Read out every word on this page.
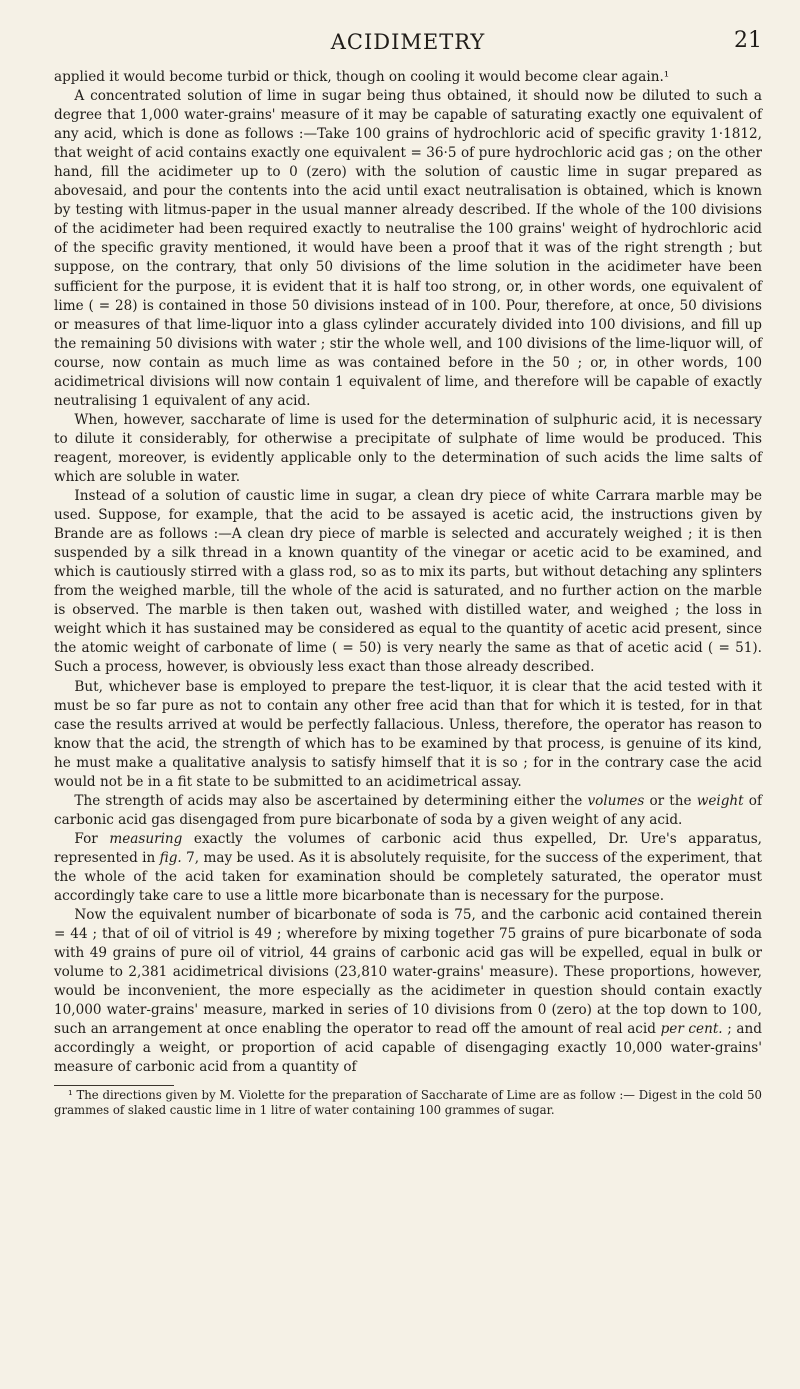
ACIDIMETRY	21

applied it would become turbid or thick, though on cooling it would become clear again.¹

A concentrated solution of lime in sugar being thus obtained, it should now be diluted to such a degree that 1,000 water-grains' measure of it may be capable of saturating exactly one equivalent of any acid, which is done as follows :—Take 100 grains of hydrochloric acid of specific gravity 1·1812, that weight of acid contains exactly one equivalent = 36·5 of pure hydrochloric acid gas ; on the other hand, fill the acidimeter up to 0 (zero) with the solution of caustic lime in sugar prepared as abovesaid, and pour the contents into the acid until exact neutralisation is obtained, which is known by testing with litmus-paper in the usual manner already described. If the whole of the 100 divisions of the acidimeter had been required exactly to neutralise the 100 grains' weight of hydrochloric acid of the specific gravity mentioned, it would have been a proof that it was of the right strength ; but suppose, on the contrary, that only 50 divisions of the lime solution in the acidimeter have been sufficient for the purpose, it is evident that it is half too strong, or, in other words, one equivalent of lime ( = 28) is contained in those 50 divisions instead of in 100. Pour, therefore, at once, 50 divisions or measures of that lime-liquor into a glass cylinder accurately divided into 100 divisions, and fill up the remaining 50 divisions with water ; stir the whole well, and 100 divisions of the lime-liquor will, of course, now contain as much lime as was contained before in the 50 ; or, in other words, 100 acidimetrical divisions will now contain 1 equivalent of lime, and therefore will be capable of exactly neutralising 1 equivalent of any acid.

When, however, saccharate of lime is used for the determination of sulphuric acid, it is necessary to dilute it considerably, for otherwise a precipitate of sulphate of lime would be produced. This reagent, moreover, is evidently applicable only to the determination of such acids the lime salts of which are soluble in water.

Instead of a solution of caustic lime in sugar, a clean dry piece of white Carrara marble may be used. Suppose, for example, that the acid to be assayed is acetic acid, the instructions given by Brande are as follows :—A clean dry piece of marble is selected and accurately weighed ; it is then suspended by a silk thread in a known quantity of the vinegar or acetic acid to be examined, and which is cautiously stirred with a glass rod, so as to mix its parts, but without detaching any splinters from the weighed marble, till the whole of the acid is saturated, and no further action on the marble is observed. The marble is then taken out, washed with distilled water, and weighed ; the loss in weight which it has sustained may be considered as equal to the quantity of acetic acid present, since the atomic weight of carbonate of lime ( = 50) is very nearly the same as that of acetic acid ( = 51). Such a process, however, is obviously less exact than those already described.

But, whichever base is employed to prepare the test-liquor, it is clear that the acid tested with it must be so far pure as not to contain any other free acid than that for which it is tested, for in that case the results arrived at would be perfectly fallacious. Unless, therefore, the operator has reason to know that the acid, the strength of which has to be examined by that process, is genuine of its kind, he must make a qualitative analysis to satisfy himself that it is so ; for in the contrary case the acid would not be in a fit state to be submitted to an acidimetrical assay.

The strength of acids may also be ascertained by determining either the volumes or the weight of carbonic acid gas disengaged from pure bicarbonate of soda by a given weight of any acid.

For measuring exactly the volumes of carbonic acid thus expelled, Dr. Ure's apparatus, represented in fig. 7, may be used. As it is absolutely requisite, for the success of the experiment, that the whole of the acid taken for examination should be completely saturated, the operator must accordingly take care to use a little more bicarbonate than is necessary for the purpose.

Now the equivalent number of bicarbonate of soda is 75, and the carbonic acid contained therein = 44 ; that of oil of vitriol is 49 ; wherefore by mixing together 75 grains of pure bicarbonate of soda with 49 grains of pure oil of vitriol, 44 grains of carbonic acid gas will be expelled, equal in bulk or volume to 2,381 acidimetrical divisions (23,810 water-grains' measure). These proportions, however, would be inconvenient, the more especially as the acidimeter in question should contain exactly 10,000 water-grains' measure, marked in series of 10 divisions from 0 (zero) at the top down to 100, such an arrangement at once enabling the operator to read off the amount of real acid per cent. ; and accordingly a weight, or proportion of acid capable of disengaging exactly 10,000 water-grains' measure of carbonic acid from a quantity of

¹ The directions given by M. Violette for the preparation of Saccharate of Lime are as follow :— Digest in the cold 50 grammes of slaked caustic lime in 1 litre of water containing 100 grammes of sugar.
